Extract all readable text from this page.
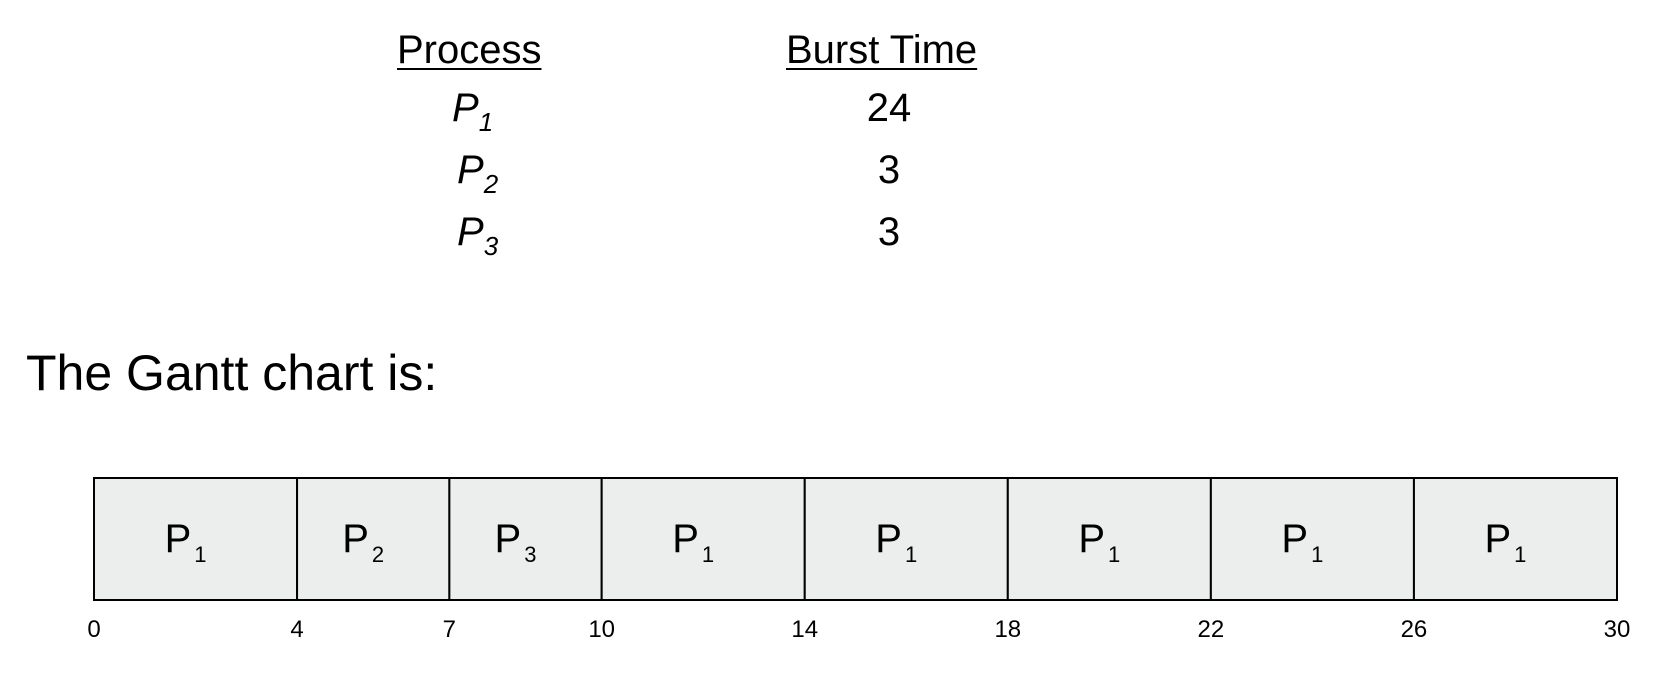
Process	Burst Time
$P_1$	24
$P_2$	3
$P_3$	3
The Gantt chart is:
P $_1$	P $_2$	P $_3$	P $_1$	P $_1$	P $_1$	P $_1$	P $_1$
0	4	7	10	14	18	22	26	30
